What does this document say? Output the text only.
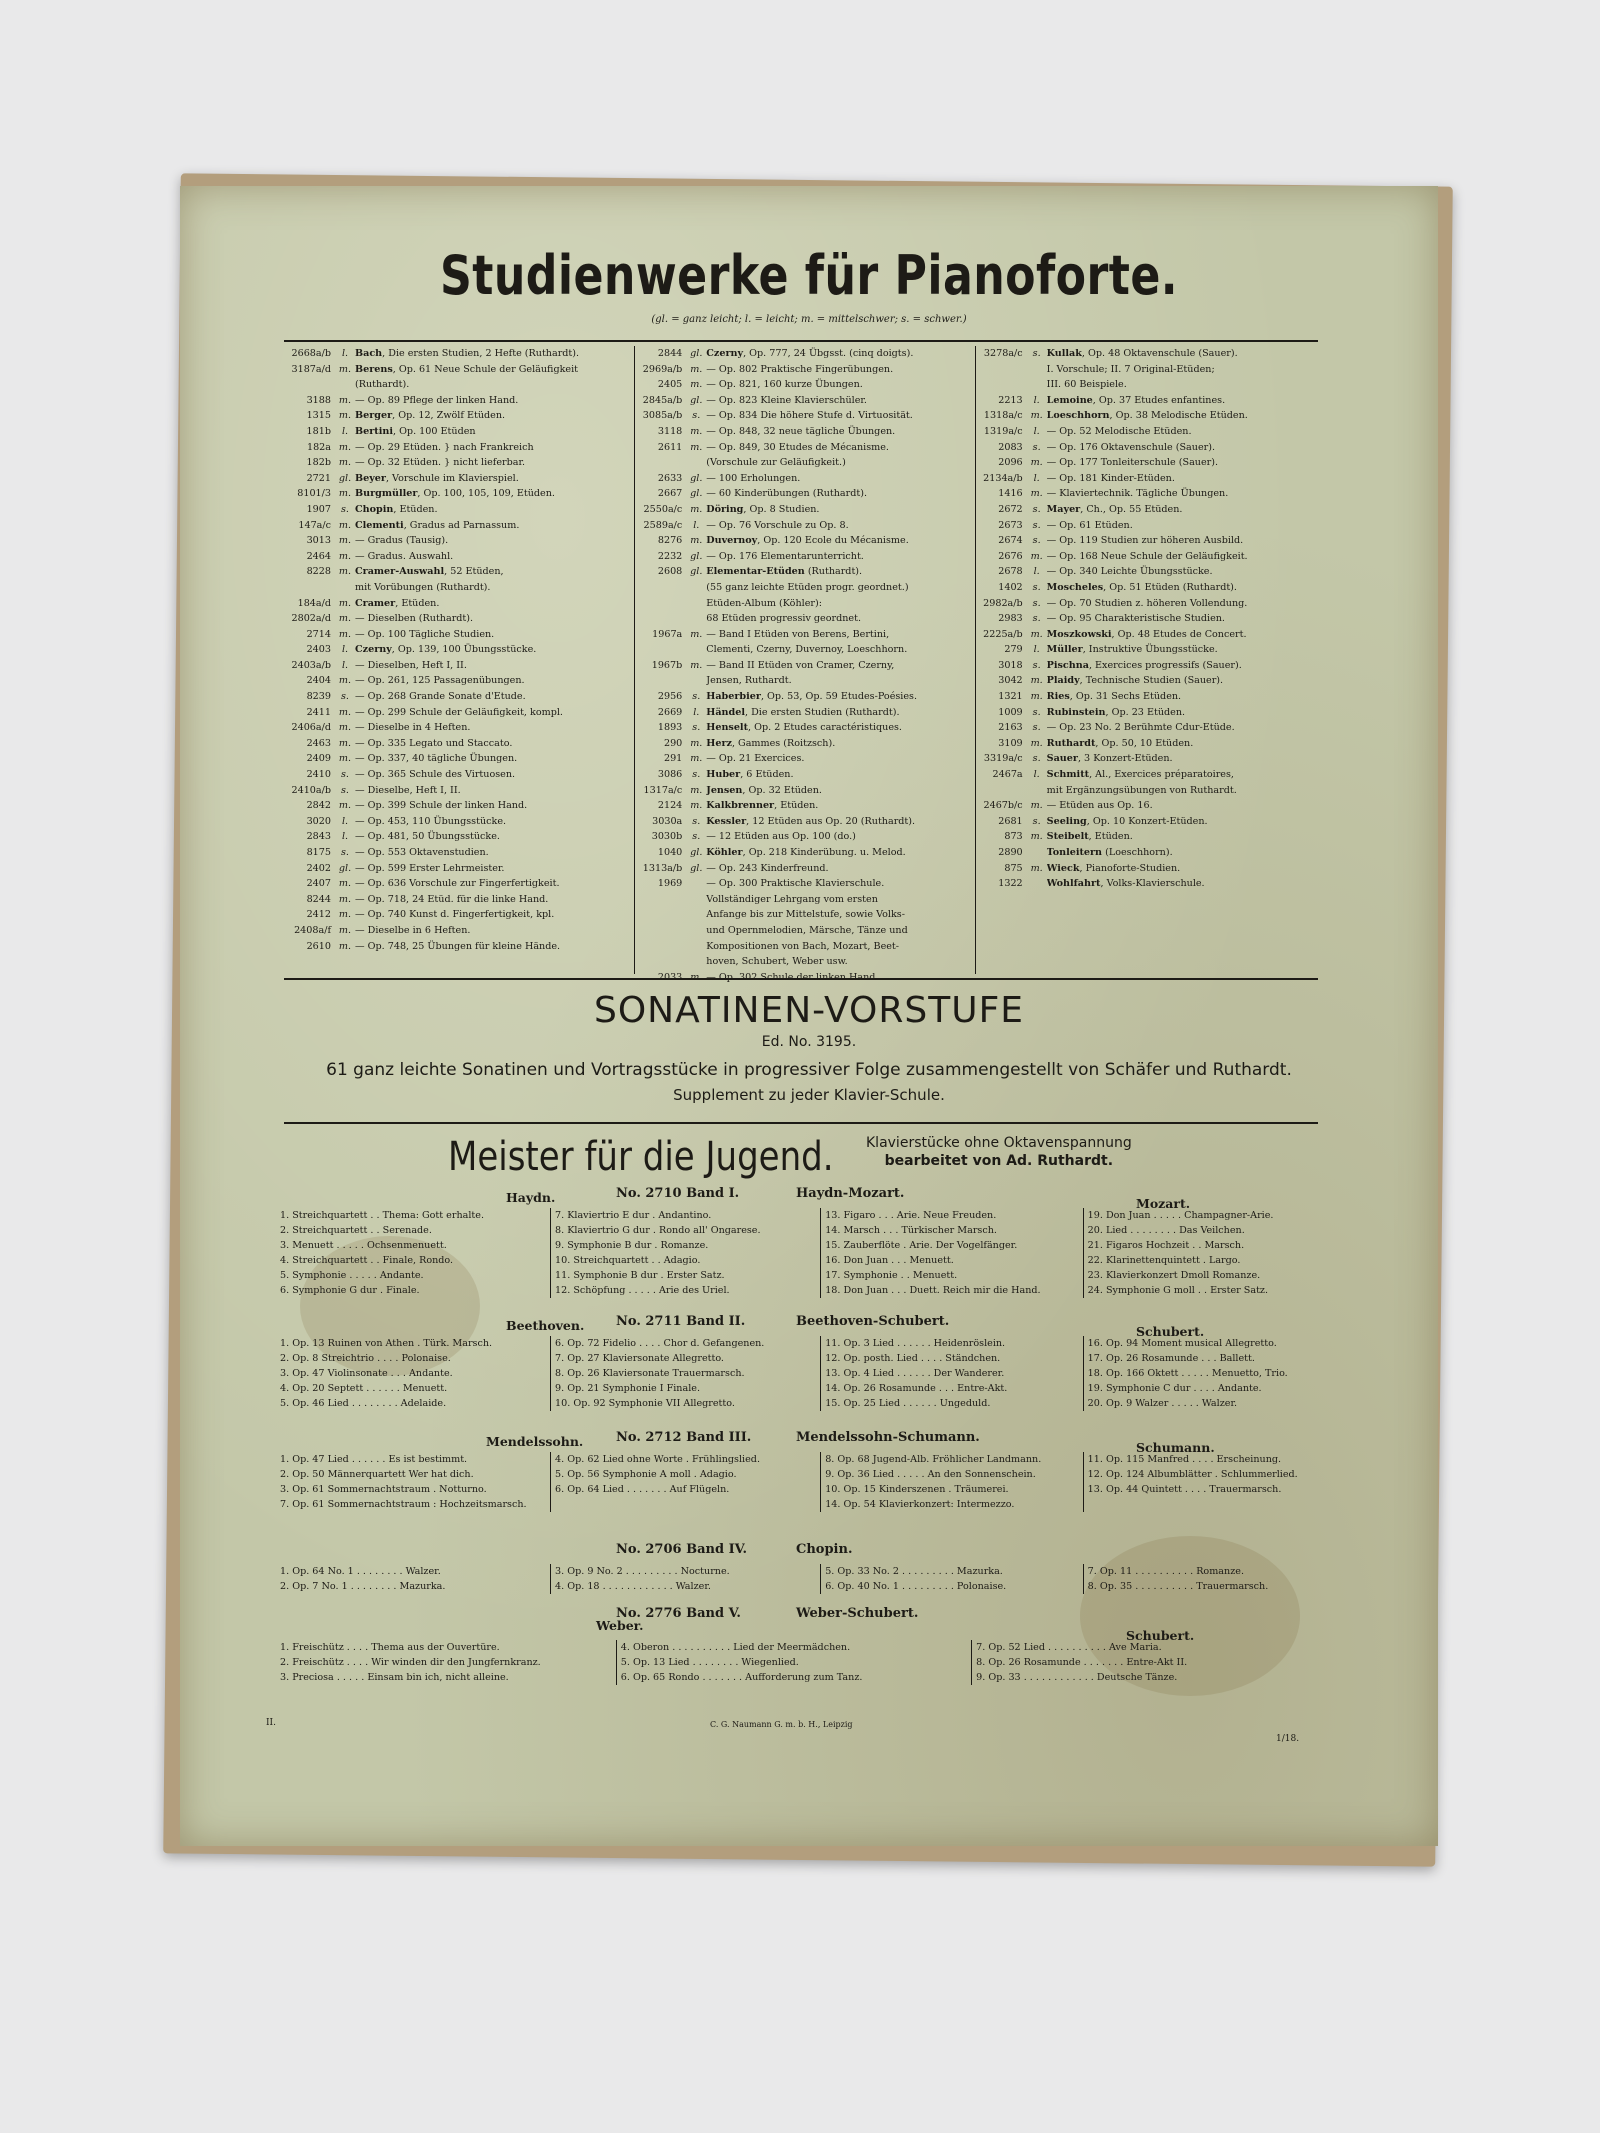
Studienwerke für Pianoforte.
(gl. = ganz leicht; l. = leicht; m. = mittelschwer; s. = schwer.)
2668a/b	l. Bach, Die ersten Studien, 2 Hefte (Ruthardt).
3187a/d m. Berens, Op. 61 Neue Schule der Geläufigkeit
(Ruthardt).
3188 m. — Op. 89 Pflege der linken Hand.
1315 m. Berger, Op. 12, Zwölf Etüden.
181b	l. Bertini, Op. 100 Etüden
182a m. — Op. 29 Etüden. } nach Frankreich
182b m. — Op. 32 Etüden. } nicht lieferbar.
2721 gl. Beyer, Vorschule im Klavierspiel.
8101/3 m. Burgmüller, Op. 100, 105, 109, Etüden.
1907	s. Chopin, Etüden.
147a/c m. Clementi, Gradus ad Parnassum.
3013 m. — Gradus (Tausig).
2464 m. — Gradus. Auswahl.
8228 m. Cramer-Auswahl, 52 Etüden,
mit Vorübungen (Ruthardt).
184a/d m. Cramer, Etüden.
2802a/d m. — Dieselben (Ruthardt).
2714 m. — Op. 100 Tägliche Studien.
2403	l. Czerny, Op. 139, 100 Übungsstücke.
2403a/b	l. — Dieselben, Heft I, II.
2404 m. — Op. 261, 125 Passagenübungen.
8239	s. — Op. 268 Grande Sonate d'Etude.
2411 m. — Op. 299 Schule der Geläufigkeit, kompl.
2406a/d m. — Dieselbe in 4 Heften.
2463 m. — Op. 335 Legato und Staccato.
2409 m. — Op. 337, 40 tägliche Übungen.
2410	s. — Op. 365 Schule des Virtuosen.
2410a/b	s. — Dieselbe, Heft I, II.
2842 m. — Op. 399 Schule der linken Hand.
3020	l. — Op. 453, 110 Übungsstücke.
2843	l. — Op. 481, 50 Übungsstücke.
8175	s. — Op. 553 Oktavenstudien.
2402 gl. — Op. 599 Erster Lehrmeister.
2407 m. — Op. 636 Vorschule zur Fingerfertigkeit.
8244 m. — Op. 718, 24 Etüd. für die linke Hand.
2412 m. — Op. 740 Kunst d. Fingerfertigkeit, kpl.
2408a/f m. — Dieselbe in 6 Heften.
2610 m. — Op. 748, 25 Übungen für kleine Hände.
2844 gl. Czerny, Op. 777, 24 Übgsst. (cinq doigts).
2969a/b m. — Op. 802 Praktische Fingerübungen.
2405 m. — Op. 821, 160 kurze Übungen.
2845a/b gl. — Op. 823 Kleine Klavierschüler.
3085a/b	s. — Op. 834 Die höhere Stufe d. Virtuosität.
3118 m. — Op. 848, 32 neue tägliche Übungen.
2611 m. — Op. 849, 30 Etudes de Mécanisme.
(Vorschule zur Geläufigkeit.)
2633 gl. — 100 Erholungen.
2667 gl. — 60 Kinderübungen (Ruthardt).
2550a/c m. Döring, Op. 8 Studien.
2589a/c	l. — Op. 76 Vorschule zu Op. 8.
8276 m. Duvernoy, Op. 120 Ecole du Mécanisme.
2232 gl. — Op. 176 Elementarunterricht.
2608 gl. Elementar-Etüden (Ruthardt).
(55 ganz leichte Etüden progr. geordnet.)
Etüden-Album (Köhler):
68 Etüden progressiv geordnet.
1967a m. — Band I Etüden von Berens, Bertini,
Clementi, Czerny, Duvernoy, Loeschhorn.
1967b m. — Band II Etüden von Cramer, Czerny,
Jensen, Ruthardt.
2956	s. Haberbier, Op. 53, Op. 59 Etudes-Poésies.
2669	l. Händel, Die ersten Studien (Ruthardt).
1893	s. Henselt, Op. 2 Etudes caractéristiques.
290 m. Herz, Gammes (Roitzsch).
291 m. — Op. 21 Exercices.
3086	s. Huber, 6 Etüden.
1317a/c m. Jensen, Op. 32 Etüden.
2124 m. Kalkbrenner, Etüden.
3030a	s. Kessler, 12 Etüden aus Op. 20 (Ruthardt).
3030b	s. — 12 Etüden aus Op. 100 (do.)
1040 gl. Köhler, Op. 218 Kinderübung. u. Melod.
1313a/b gl. — Op. 243 Kinderfreund.
1969	— Op. 300 Praktische Klavierschule.
Vollständiger Lehrgang vom ersten
Anfange bis zur Mittelstufe, sowie Volks-
und Opernmelodien, Märsche, Tänze und
Kompositionen von Bach, Mozart, Beet-
hoven, Schubert, Weber usw.
2033 m. — Op. 302 Schule der linken Hand.
3278a/c	s. Kullak, Op. 48 Oktavenschule (Sauer).
I. Vorschule; II. 7 Original-Etüden;
III. 60 Beispiele.
2213	l. Lemoine, Op. 37 Etudes enfantines.
1318a/c m. Loeschhorn, Op. 38 Melodische Etüden.
1319a/c	l. — Op. 52 Melodische Etüden.
2083	s. — Op. 176 Oktavenschule (Sauer).
2096 m. — Op. 177 Tonleiterschule (Sauer).
2134a/b	l. — Op. 181 Kinder-Etüden.
1416 m. — Klaviertechnik. Tägliche Übungen.
2672	s. Mayer, Ch., Op. 55 Etüden.
2673	s. — Op. 61 Etüden.
2674	s. — Op. 119 Studien zur höheren Ausbild.
2676 m. — Op. 168 Neue Schule der Geläufigkeit.
2678	l. — Op. 340 Leichte Übungsstücke.
1402	s. Moscheles, Op. 51 Etüden (Ruthardt).
2982a/b	s. — Op. 70 Studien z. höheren Vollendung.
2983	s. — Op. 95 Charakteristische Studien.
2225a/b m. Moszkowski, Op. 48 Etudes de Concert.
279	l. Müller, Instruktive Übungsstücke.
3018	s. Pischna, Exercices progressifs (Sauer).
3042 m. Plaidy, Technische Studien (Sauer).
1321 m. Ries, Op. 31 Sechs Etüden.
1009	s. Rubinstein, Op. 23 Etüden.
2163	s. — Op. 23 No. 2 Berühmte Cdur-Etüde.
3109 m. Ruthardt, Op. 50, 10 Etüden.
3319a/c	s. Sauer, 3 Konzert-Etüden.
2467a	l. Schmitt, Al., Exercices préparatoires,
mit Ergänzungsübungen von Ruthardt.
2467b/c m. — Etüden aus Op. 16.
2681	s. Seeling, Op. 10 Konzert-Etüden.
873 m. Steibelt, Etüden.
2890	Tonleitern (Loeschhorn).
875 m. Wieck, Pianoforte-Studien.
1322	Wohlfahrt, Volks-Klavierschule.
SONATINEN-VORSTUFE
Ed. No. 3195.
61 ganz leichte Sonatinen und Vortragsstücke in progressiver Folge zusammengestellt von Schäfer und Ruthardt.
Supplement zu jeder Klavier-Schule.
Meister für die Jugend. Klavierstücke ohne Oktavenspannung
bearbeitet von Ad. Ruthardt.
No. 2710 Band I.	Haydn-Mozart.
Haydn.	Mozart.
1. Streichquartett . . Thema: Gott erhalte.
2. Streichquartett . . Serenade.
3. Menuett . . . . . Ochsenmenuett.
4. Streichquartett . . Finale, Rondo.
5. Symphonie . . . . . Andante.
6. Symphonie G dur . Finale.
7. Klaviertrio E dur . Andantino.
8. Klaviertrio G dur . Rondo all' Ongarese.
9. Symphonie B dur . Romanze.
10. Streichquartett . . Adagio.
11. Symphonie B dur . Erster Satz.
12. Schöpfung . . . . . Arie des Uriel.
13. Figaro . . . Arie. Neue Freuden.
14. Marsch . . . Türkischer Marsch.
15. Zauberflöte . Arie. Der Vogelfänger.
16. Don Juan . . . Menuett.
17. Symphonie . . Menuett.
18. Don Juan . . . Duett. Reich mir die Hand.
19. Don Juan . . . . . Champagner-Arie.
20. Lied . . . . . . . . Das Veilchen.
21. Figaros Hochzeit . . Marsch.
22. Klarinettenquintett . Largo.
23. Klavierkonzert Dmoll Romanze.
24. Symphonie G moll . . Erster Satz.
No. 2711 Band II.	Beethoven-Schubert.
Beethoven.	Schubert.
1. Op. 13 Ruinen von Athen . Türk. Marsch.
2. Op. 8 Streichtrio . . . . Polonaise.
3. Op. 47 Violinsonate . . . Andante.
4. Op. 20 Septett . . . . . . Menuett.
5. Op. 46 Lied . . . . . . . . Adelaide.
6. Op. 72 Fidelio . . . . Chor d. Gefangenen.
7. Op. 27 Klaviersonate Allegretto.
8. Op. 26 Klaviersonate Trauermarsch.
9. Op. 21 Symphonie I Finale.
10. Op. 92 Symphonie VII Allegretto.
11. Op. 3 Lied . . . . . . Heidenröslein.
12. Op. posth. Lied . . . . Ständchen.
13. Op. 4 Lied . . . . . . Der Wanderer.
14. Op. 26 Rosamunde . . . Entre-Akt.
15. Op. 25 Lied . . . . . . Ungeduld.
16. Op. 94 Moment musical Allegretto.
17. Op. 26 Rosamunde . . . Ballett.
18. Op. 166 Oktett . . . . . Menuetto, Trio.
19. Symphonie C dur . . . . Andante.
20. Op. 9 Walzer . . . . . Walzer.
No. 2712 Band III.	Mendelssohn-Schumann.
Mendelssohn.	Schumann.
1. Op. 47 Lied . . . . . . Es ist bestimmt.
2. Op. 50 Männerquartett Wer hat dich.
3. Op. 61 Sommernachtstraum . Notturno.
7. Op. 61 Sommernachtstraum : Hochzeitsmarsch.
4. Op. 62 Lied ohne Worte . Frühlingslied.
5. Op. 56 Symphonie A moll . Adagio.
6. Op. 64 Lied . . . . . . . Auf Flügeln.
8. Op. 68 Jugend-Alb. Fröhlicher Landmann.
9. Op. 36 Lied . . . . . An den Sonnenschein.
10. Op. 15 Kinderszenen . Träumerei.
14. Op. 54 Klavierkonzert: Intermezzo.
11. Op. 115 Manfred . . . . Erscheinung.
12. Op. 124 Albumblätter . Schlummerlied.
13. Op. 44 Quintett . . . . Trauermarsch.
No. 2706 Band IV.	Chopin.
1. Op. 64 No. 1 . . . . . . . . Walzer.
2. Op. 7 No. 1 . . . . . . . . Mazurka.
3. Op. 9 No. 2 . . . . . . . . . Nocturne.
4. Op. 18 . . . . . . . . . . . . Walzer.
5. Op. 33 No. 2 . . . . . . . . . Mazurka.
6. Op. 40 No. 1 . . . . . . . . . Polonaise.
7. Op. 11 . . . . . . . . . . Romanze.
8. Op. 35 . . . . . . . . . . Trauermarsch.
No. 2776 Band V.	Weber-Schubert.
Weber.
Schubert.
1. Freischütz . . . . Thema aus der Ouvertüre.
2. Freischütz . . . . Wir winden dir den Jungfernkranz.
3. Preciosa . . . . . Einsam bin ich, nicht alleine.
4. Oberon . . . . . . . . . . Lied der Meermädchen.
5. Op. 13 Lied . . . . . . . . Wiegenlied.
6. Op. 65 Rondo . . . . . . . Aufforderung zum Tanz.
7. Op. 52 Lied . . . . . . . . . . Ave Maria.
8. Op. 26 Rosamunde . . . . . . . Entre-Akt II.
9. Op. 33 . . . . . . . . . . . . Deutsche Tänze.
II.	C. G. Naumann G. m. b. H., Leipzig
1/18.
